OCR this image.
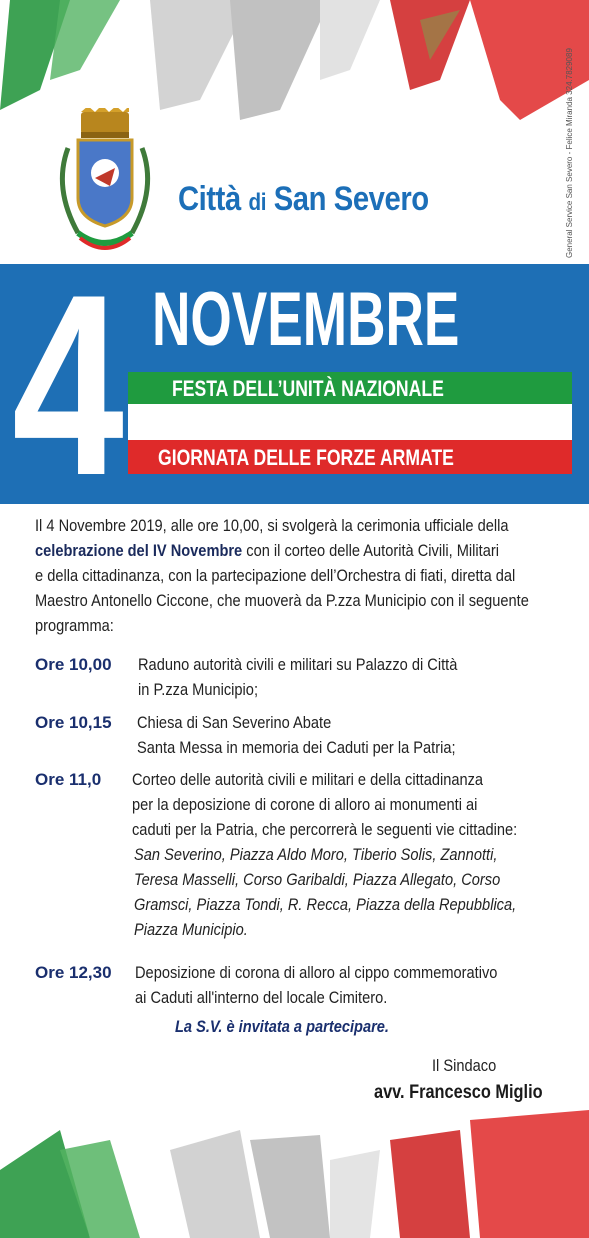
Città di San Severo	General Service San Severo - Felice Miranda 324.7829089
4 NOVEMBRE
FESTA DELL’UNITÀ NAZIONALE
GIORNATA DELLE FORZE ARMATE
Il 4 Novembre 2019, alle ore 10,00, si svolgerà la cerimonia ufficiale della
celebrazione del IV Novembre con il corteo delle Autorità Civili, Militari
e della cittadinanza, con la partecipazione dell’Orchestra di fiati, diretta dal
Maestro Antonello Ciccone, che muoverà da P.zza Municipio con il seguente
programma:
Ore 10,00 Raduno autorità civili e militari su Palazzo di Città
in P.zza Municipio;
Ore 10,15 Chiesa di San Severino Abate
Santa Messa in memoria dei Caduti per la Patria;
Ore 11,0 Corteo delle autorità civili e militari e della cittadinanza
per la deposizione di corone di alloro ai monumenti ai
caduti per la Patria, che percorrerà le seguenti vie cittadine:
San Severino, Piazza Aldo Moro, Tiberio Solis, Zannotti,
Teresa Masselli, Corso Garibaldi, Piazza Allegato, Corso
Gramsci, Piazza Tondi, R. Recca, Piazza della Repubblica,
Piazza Municipio.
Ore 12,30 Deposizione di corona di alloro al cippo commemorativo
ai Caduti all'interno del locale Cimitero.
La S.V. è invitata a partecipare.
Il Sindaco
avv. Francesco Miglio
